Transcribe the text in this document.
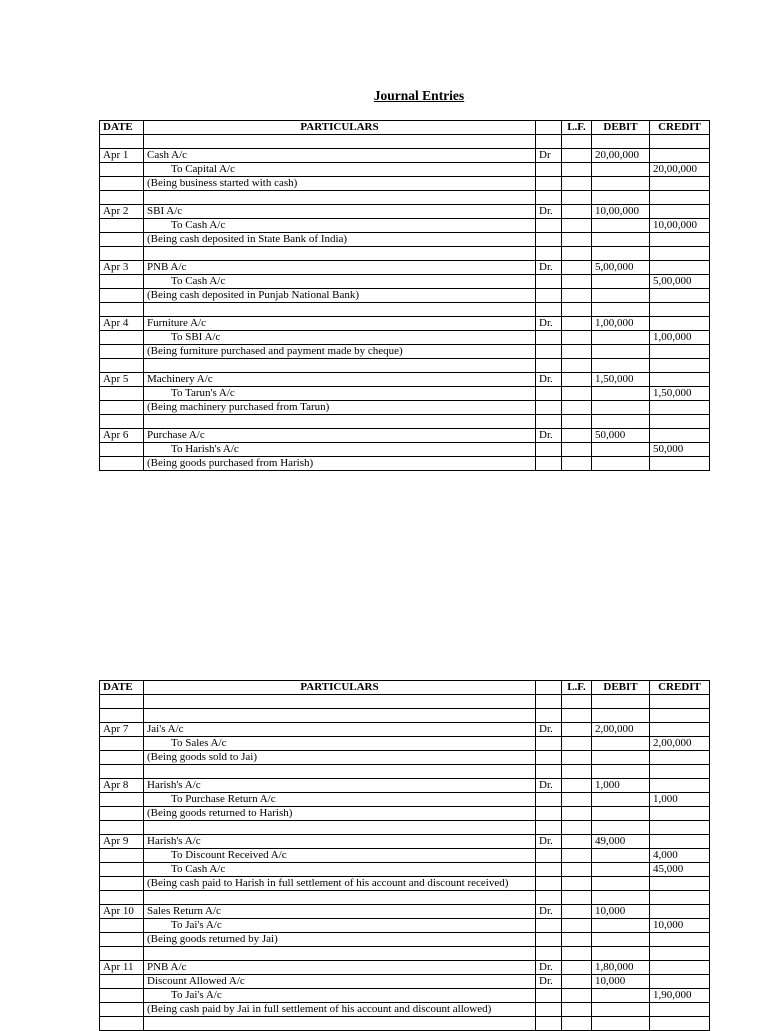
Journal Entries
DATE	PARTICULARS		L.F.	DEBIT	CREDIT

Apr 1	Cash A/c	Dr		20,00,000	
	To Capital A/c				20,00,000
	(Being business started with cash)				

Apr 2	SBI A/c	Dr.		10,00,000	
	To Cash A/c				10,00,000
	(Being cash deposited in State Bank of India)				

Apr 3	PNB A/c	Dr.		5,00,000	
	To Cash A/c				5,00,000
	(Being cash deposited in Punjab National Bank)				

Apr 4	Furniture A/c	Dr.		1,00,000	
	To SBI A/c				1,00,000
	(Being furniture purchased and payment made by cheque)				

Apr 5	Machinery A/c	Dr.		1,50,000	
	To Tarun's A/c				1,50,000
	(Being machinery purchased from Tarun)				

Apr 6	Purchase A/c	Dr.		50,000	
	To Harish's A/c				50,000
	(Being goods purchased from Harish)				
DATE	PARTICULARS		L.F.	DEBIT	CREDIT

Apr 7	Jai's A/c	Dr.		2,00,000	
	To Sales A/c				2,00,000
	(Being goods sold to Jai)				

Apr 8	Harish's A/c	Dr.		1,000	
	To Purchase Return A/c				1,000
	(Being goods returned to Harish)				

Apr 9	Harish's A/c	Dr.		49,000	
	To Discount Received A/c				4,000
	To Cash A/c				45,000
	(Being cash paid to Harish in full settlement of his account and discount received)				

Apr 10	Sales Return A/c	Dr.		10,000	
	To Jai's A/c				10,000
	(Being goods returned by Jai)				

Apr 11	PNB A/c	Dr.		1,80,000	
	Discount Allowed A/c	Dr.		10,000	
	To Jai's A/c				1,90,000
	(Being cash paid by Jai in full settlement of his account and discount allowed)				
